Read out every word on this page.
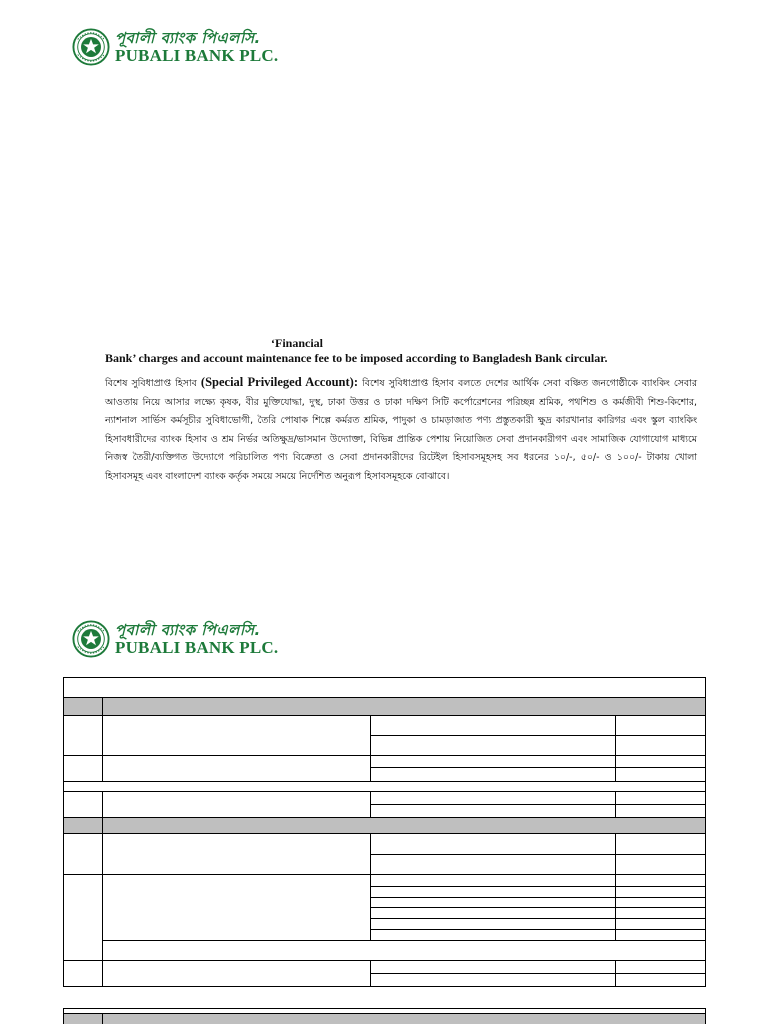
পূবালী ব্যাংক পিএলসি.
PUBALI BANK PLC.
‘Financial
Bank’ charges and account maintenance fee to be imposed according to Bangladesh Bank circular.
বিশেষ সুবিধাপ্রাপ্ত হিসাব (Special Privileged Account): বিশেষ সুবিধাপ্রাপ্ত হিসাব বলতে দেশের আর্থিক সেবা বঞ্চিত জনগোষ্ঠীকে ব্যাংকিং সেবার আওতায় নিয়ে আসার লক্ষ্যে কৃষক, বীর মুক্তিযোদ্ধা, দুস্থ, ঢাকা উত্তর ও ঢাকা দক্ষিণ সিটি কর্পোরেশনের পরিচ্ছন্ন শ্রমিক, পথশিশু ও কর্মজীবী শিশু-কিশোর, ন্যাশনাল সার্ভিস কর্মসূচীর সুবিধাভোগী, তৈরি পোষাক শিল্পে কর্মরত শ্রমিক, পাদুকা ও চামড়াজাত পণ্য প্রস্তুতকারী ক্ষুদ্র কারখানার কারিগর এবং স্কুল ব্যাংকিং হিসাবধারীদের ব্যাংক হিসাব ও শ্রম নির্ভর অতিক্ষুদ্র/ভাসমান উদ্যোক্তা, বিভিন্ন প্রান্তিক পেশায় নিয়োজিত সেবা প্রদানকারীগণ এবং সামাজিক যোগাযোগ মাধ্যমে নিজস্ব তৈরী/ব্যক্তিগত উদ্যোগে পরিচালিত পণ্য বিক্রেতা ও সেবা প্রদানকারীদের রিটেইল হিসাবসমূহসহ সব ধরনের ১০/-, ৫০/- ও ১০০/- টাকায় খোলা হিসাবসমূহ এবং বাংলাদেশ ব্যাংক কর্তৃক সময়ে সময়ে নির্দেশিত অনুরূপ হিসাবসমূহকে বোঝাবে।
পূবালী ব্যাংক পিএলসি.
PUBALI BANK PLC.
